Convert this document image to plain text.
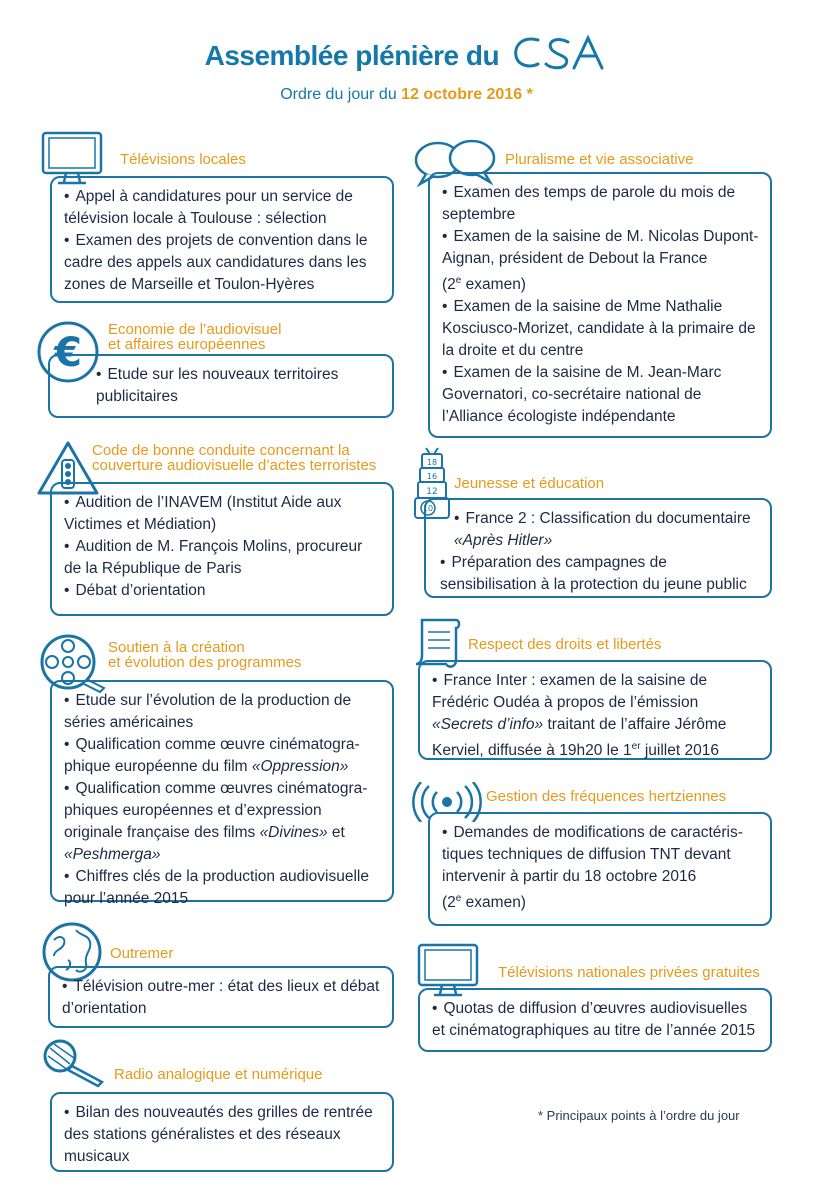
Assemblée plénière du
Ordre du jour du 12 octobre 2016 *
Télévisions locales
• Appel à candidatures pour un service de télévision locale à Toulouse : sélection
• Examen des projets de convention dans le cadre des appels aux candidatures dans les zones de Marseille et Toulon-Hyères
€
Economie de l’audiovisuel
et affaires européennes
• Etude sur les nouveaux territoires publicitaires
Code de bonne conduite concernant la
couverture audiovisuelle d’actes terroristes
• Audition de l’INAVEM (Institut Aide aux Victimes et Médiation)
• Audition de M. François Molins, procureur de la République de Paris
• Débat d’orientation
Soutien à la création
et évolution des programmes
• Etude sur l’évolution de la production de séries américaines
• Qualification comme œuvre cinématogra-phique européenne du film «Oppression»
• Qualification comme œuvres cinématogra-phiques européennes et d’expression originale française des films «Divines» et «Peshmerga»
• Chiffres clés de la production audiovisuelle pour l’année 2015
Outremer
• Télévision outre-mer : état des lieux et débat d’orientation
Radio analogique et numérique
• Bilan des nouveautés des grilles de rentrée des stations généralistes et des réseaux musicaux
Pluralisme et vie associative
• Examen des temps de parole du mois de septembre
• Examen de la saisine de M. Nicolas Dupont-Aignan, président de Debout la France
(2e examen)
• Examen de la saisine de Mme Nathalie Kosciusco-Morizet, candidate à la primaire de la droite et du centre
• Examen de la saisine de M. Jean-Marc Governatori, co-secrétaire national de l’Alliance écologiste indépendante
18
16
12
10
Jeunesse et éducation
• France 2 : Classification du documentaire «Après Hitler»
• Préparation des campagnes de sensibilisation à la protection du jeune public
Respect des droits et libertés
• France Inter : examen de la saisine de Frédéric Oudéa à propos de l’émission «Secrets d’info» traitant de l’affaire Jérôme Kerviel, diffusée à 19h20 le 1er juillet 2016
Gestion des fréquences hertziennes
• Demandes de modifications de caractéris-tiques techniques de diffusion TNT devant intervenir à partir du 18 octobre 2016
(2e examen)
Télévisions nationales privées gratuites
• Quotas de diffusion d’œuvres audiovisuelles et cinématographiques au titre de l’année 2015
* Principaux points à l’ordre du jour
